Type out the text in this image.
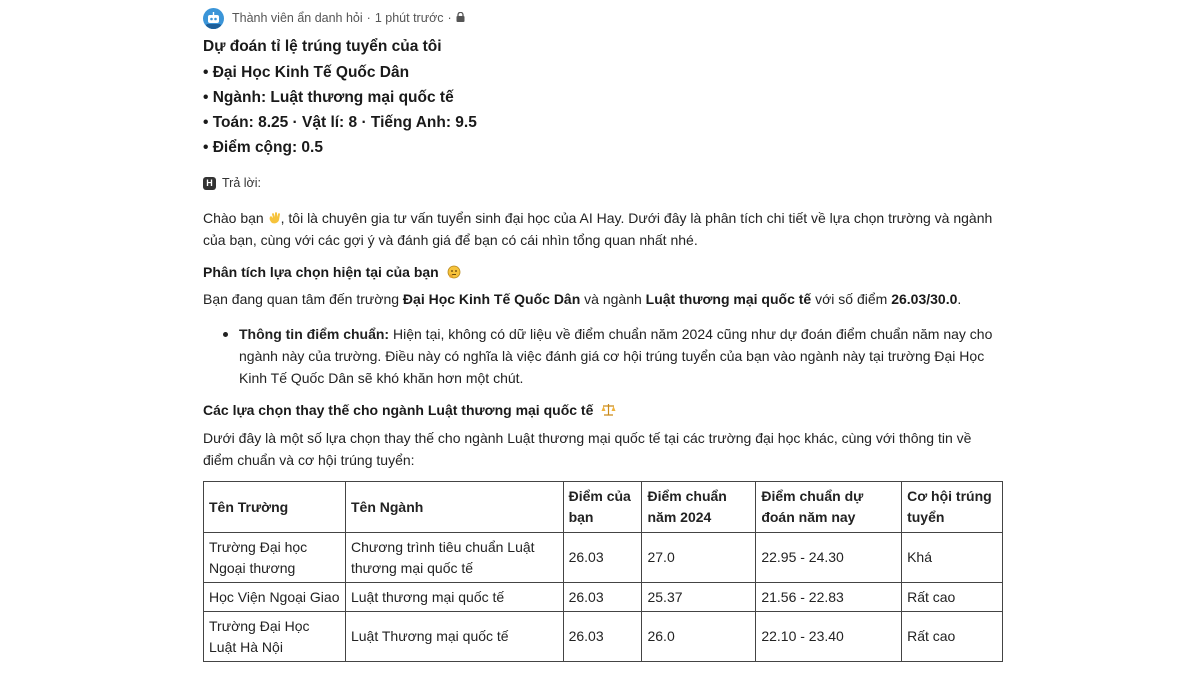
Thành viên ẩn danh hỏi · 1 phút trước ·
Dự đoán tỉ lệ trúng tuyển của tôi
• Đại Học Kinh Tế Quốc Dân
• Ngành: Luật thương mại quốc tế
• Toán: 8.25 · Vật lí: 8 · Tiếng Anh: 9.5
• Điểm cộng: 0.5
H Trả lời:
Chào bạn , tôi là chuyên gia tư vấn tuyển sinh đại học của AI Hay. Dưới đây là phân tích chi tiết về lựa chọn trường và ngành của bạn, cùng với các gợi ý và đánh giá để bạn có cái nhìn tổng quan nhất nhé.
Phân tích lựa chọn hiện tại của bạn
Bạn đang quan tâm đến trường Đại Học Kinh Tế Quốc Dân và ngành Luật thương mại quốc tế với số điểm 26.03/30.0.
Thông tin điểm chuẩn: Hiện tại, không có dữ liệu về điểm chuẩn năm 2024 cũng như dự đoán điểm chuẩn năm nay cho ngành này của trường. Điều này có nghĩa là việc đánh giá cơ hội trúng tuyển của bạn vào ngành này tại trường Đại Học Kinh Tế Quốc Dân sẽ khó khăn hơn một chút.
Các lựa chọn thay thế cho ngành Luật thương mại quốc tế
Dưới đây là một số lựa chọn thay thế cho ngành Luật thương mại quốc tế tại các trường đại học khác, cùng với thông tin về điểm chuẩn và cơ hội trúng tuyển:
Tên Trường	Tên Ngành	Điểm của bạn	Điểm chuẩn năm 2024	Điểm chuẩn dự đoán năm nay	Cơ hội trúng tuyển
Trường Đại học Ngoại thương	Chương trình tiêu chuẩn Luật thương mại quốc tế	26.03	27.0	22.95 - 24.30	Khá
Học Viện Ngoại Giao	Luật thương mại quốc tế	26.03	25.37	21.56 - 22.83	Rất cao
Trường Đại Học Luật Hà Nội	Luật Thương mại quốc tế	26.03	26.0	22.10 - 23.40	Rất cao
